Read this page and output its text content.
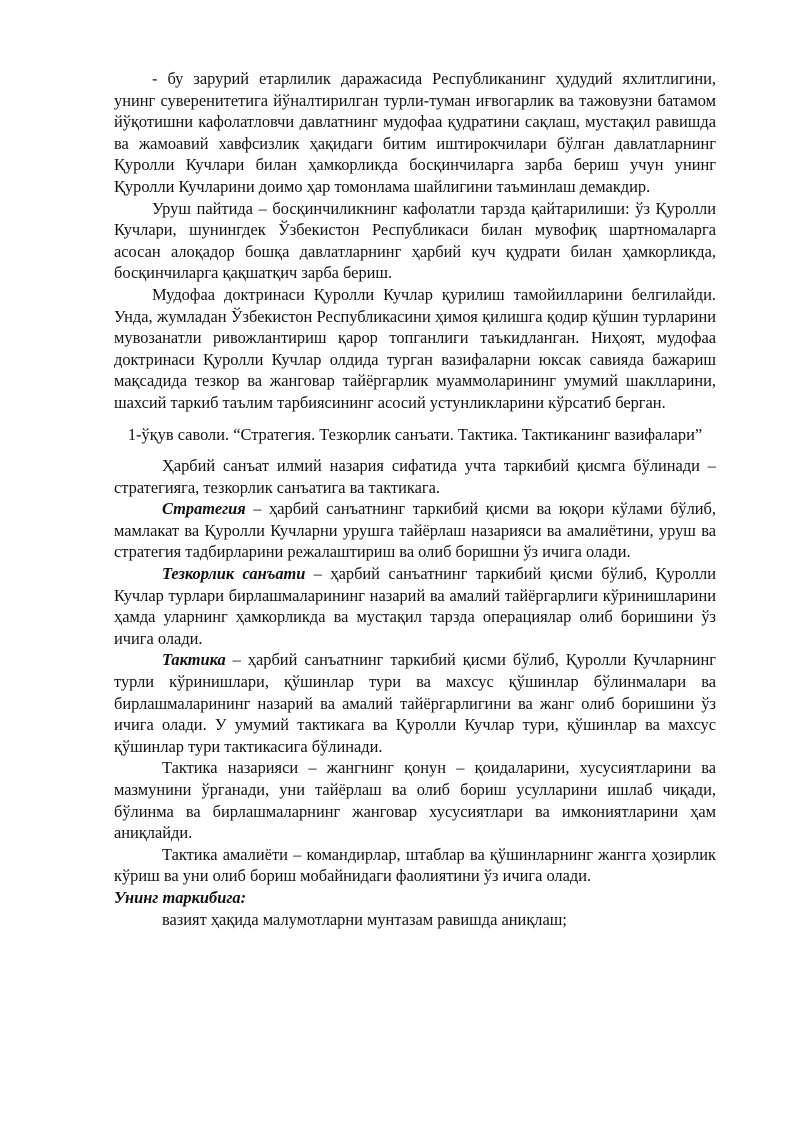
- бу зарурий етарлилик даражасида Республиканинг ҳудудий яхлитлигини, унинг суверенитетига йўналтирилган турли-туман иғвогарлик ва тажовузни батамом йўқотишни кафолатловчи давлатнинг мудофаа қудратини сақлаш, мустақил равишда ва жамоавий хавфсизлик ҳақидаги битим иштирокчилари бўлган давлатларнинг Қуролли Кучлари билан ҳамкорликда босқинчиларга зарба бериш учун унинг Қуролли Кучларини доимо ҳар томонлама шайлигини таъминлаш демакдир.

Уруш пайтида – босқинчиликнинг кафолатли тарзда қайтарилиши: ўз Қуролли Кучлари, шунингдек Ўзбекистон Республикаси билан мувофиқ шартномаларга асосан алоқадор бошқа давлатларнинг ҳарбий куч қудрати билан ҳамкорликда, босқинчиларга қақшатқич зарба бериш.

Мудофаа доктринаси Қуролли Кучлар қурилиш тамойилларини белгилайди. Унда, жумладан Ўзбекистон Республикасини ҳимоя қилишга қодир қўшин турларини мувозанатли ривожлантириш қарор топганлиги таъкидланган. Ниҳоят, мудофаа доктринаси Қуролли Кучлар олдида турган вазифаларни юксак савияда бажариш мақсадида тезкор ва жанговар тайёргарлик муаммоларининг умумий шаклларини, шахсий таркиб таълим тарбиясининг асосий устунликларини кўрсатиб берган.

1-ўқув саволи. “Стратегия. Тезкорлик санъати. Тактика. Тактиканинг вазифалари”

Ҳарбий санъат илмий назария сифатида учта таркибий қисмга бўлинади – стратегияга, тезкорлик санъатига ва тактикага.

Стратегия – ҳарбий санъатнинг таркибий қисми ва юқори кўлами бўлиб, мамлакат ва Қуролли Кучларни урушга тайёрлаш назарияси ва амалиётини, уруш ва стратегия тадбирларини режалаштириш ва олиб боришни ўз ичига олади.

Тезкорлик санъати – ҳарбий санъатнинг таркибий қисми бўлиб, Қуролли Кучлар турлари бирлашмаларининг назарий ва амалий тайёргарлиги кўринишларини ҳамда уларнинг ҳамкорликда ва мустақил тарзда операциялар олиб боришини ўз ичига олади.

Тактика – ҳарбий санъатнинг таркибий қисми бўлиб, Қуролли Кучларнинг турли кўринишлари, қўшинлар тури ва махсус қўшинлар бўлинмалари ва бирлашмаларининг назарий ва амалий тайёргарлигини ва жанг олиб боришини ўз ичига олади. У умумий тактикага ва Қуролли Кучлар тури, қўшинлар ва махсус қўшинлар тури тактикасига бўлинади.

Тактика назарияси – жангнинг қонун – қоидаларини, хусусиятларини ва мазмунини ўрганади, уни тайёрлаш ва олиб бориш усулларини ишлаб чиқади, бўлинма ва бирлашмаларнинг жанговар хусусиятлари ва имкониятларини ҳам аниқлайди.

Тактика амалиёти – командирлар, штаблар ва қўшинларнинг жангга ҳозирлик кўриш ва уни олиб бориш мобайнидаги фаолиятини ўз ичига олади.

Унинг таркибига:

вазият ҳақида малумотларни мунтазам равишда аниқлаш;
